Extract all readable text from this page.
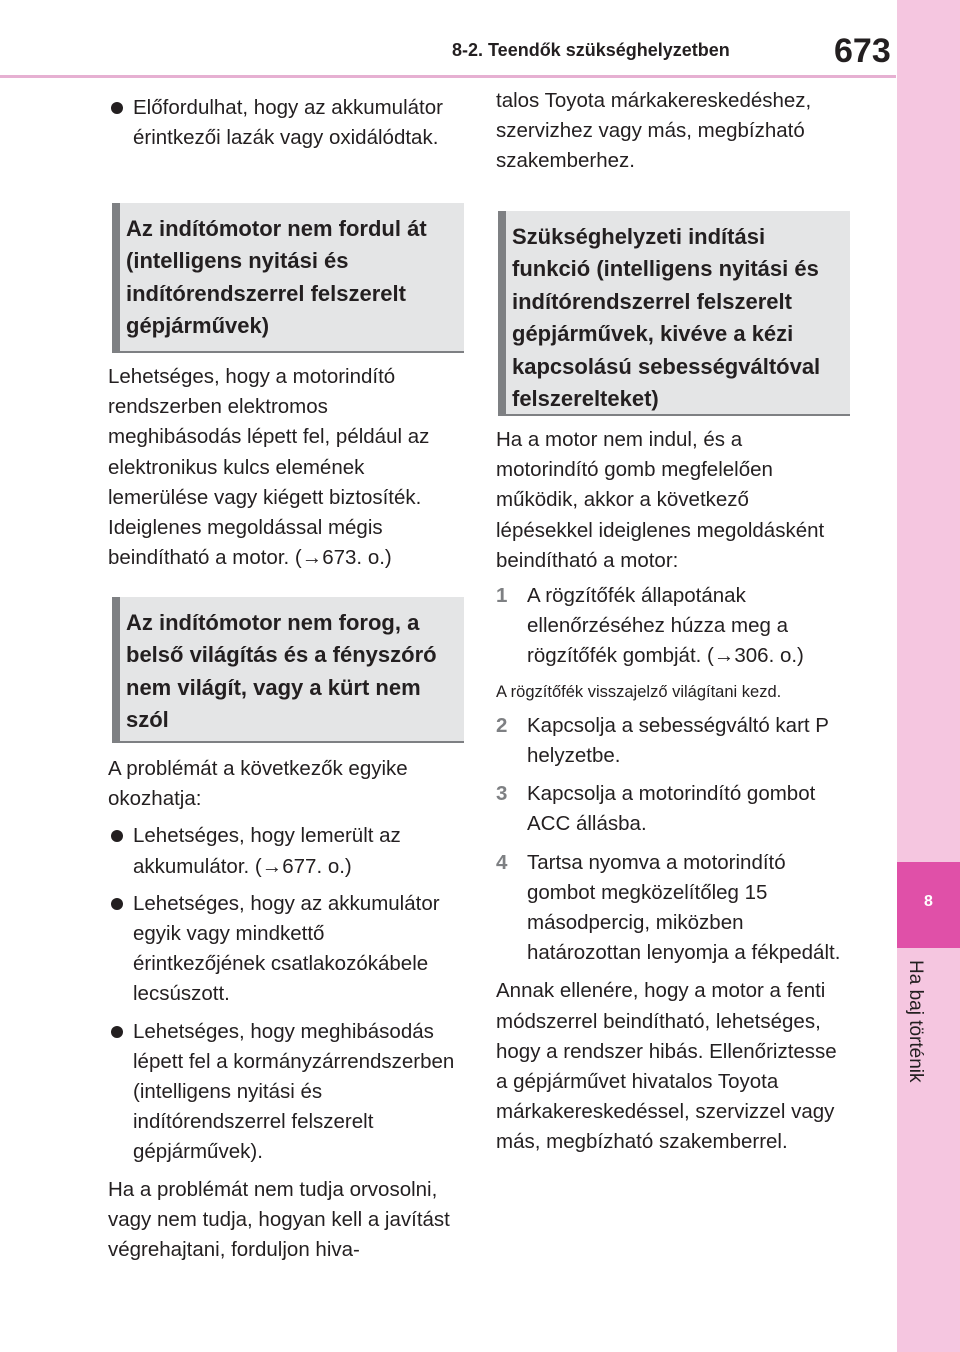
8
Ha baj történik
8-2. Teendők szükséghelyzetben	673
Előfordulhat, hogy az akkumulátor érintkezői lazák vagy oxidálódtak.
Az indítómotor nem fordul át (intelligens nyitási és indítórendszerrel felszerelt gépjárművek)

Lehetséges, hogy a motorindító rendszerben elektromos meghibásodás lépett fel, például az elektronikus kulcs elemének lemerülése vagy kiégett biztosíték. Ideiglenes megoldással mégis beindítható a motor. (→673. o.)

Az indítómotor nem forog, a belső világítás és a fényszóró nem világít, vagy a kürt nem szól

A problémát a következők egyike okozhatja:

Lehetséges, hogy lemerült az akkumulátor. (→677. o.)
Lehetséges, hogy az akkumulátor egyik vagy mindkettő érintkezőjének csatlakozókábele lecsúszott.
Lehetséges, hogy meghibásodás lépett fel a kormányzárrendszerben (intelligens nyitási és indítórendszerrel felszerelt gépjárművek).

Ha a problémát nem tudja orvosolni, vagy nem tudja, hogyan kell a javítást végrehajtani, forduljon hiva-

talos Toyota márkakereskedéshez, szervizhez vagy más, megbízható szakemberhez.

Szükséghelyzeti indítási funkció (intelligens nyitási és indítórendszerrel felszerelt gépjárművek, kivéve a kézi kapcsolású sebességváltóval felszerelteket)

Ha a motor nem indul, és a motorindító gomb megfelelően működik, akkor a következő lépésekkel ideiglenes megoldásként beindítható a motor:

1 A rögzítőfék állapotának ellenőrzéséhez húzza meg a rögzítőfék gombját. (→306. o.)

A rögzítőfék visszajelző világítani kezd.

2 Kapcsolja a sebességváltó kart P helyzetbe.
3 Kapcsolja a motorindító gombot ACC állásba.
4 Tartsa nyomva a motorindító gombot megközelítőleg 15 másodpercig, miközben határozottan lenyomja a fékpedált.

Annak ellenére, hogy a motor a fenti módszerrel beindítható, lehetséges, hogy a rendszer hibás. Ellenőriztesse a gépjárművet hivatalos Toyota márkakereskedéssel, szervizzel vagy más, megbízható szakemberrel.
